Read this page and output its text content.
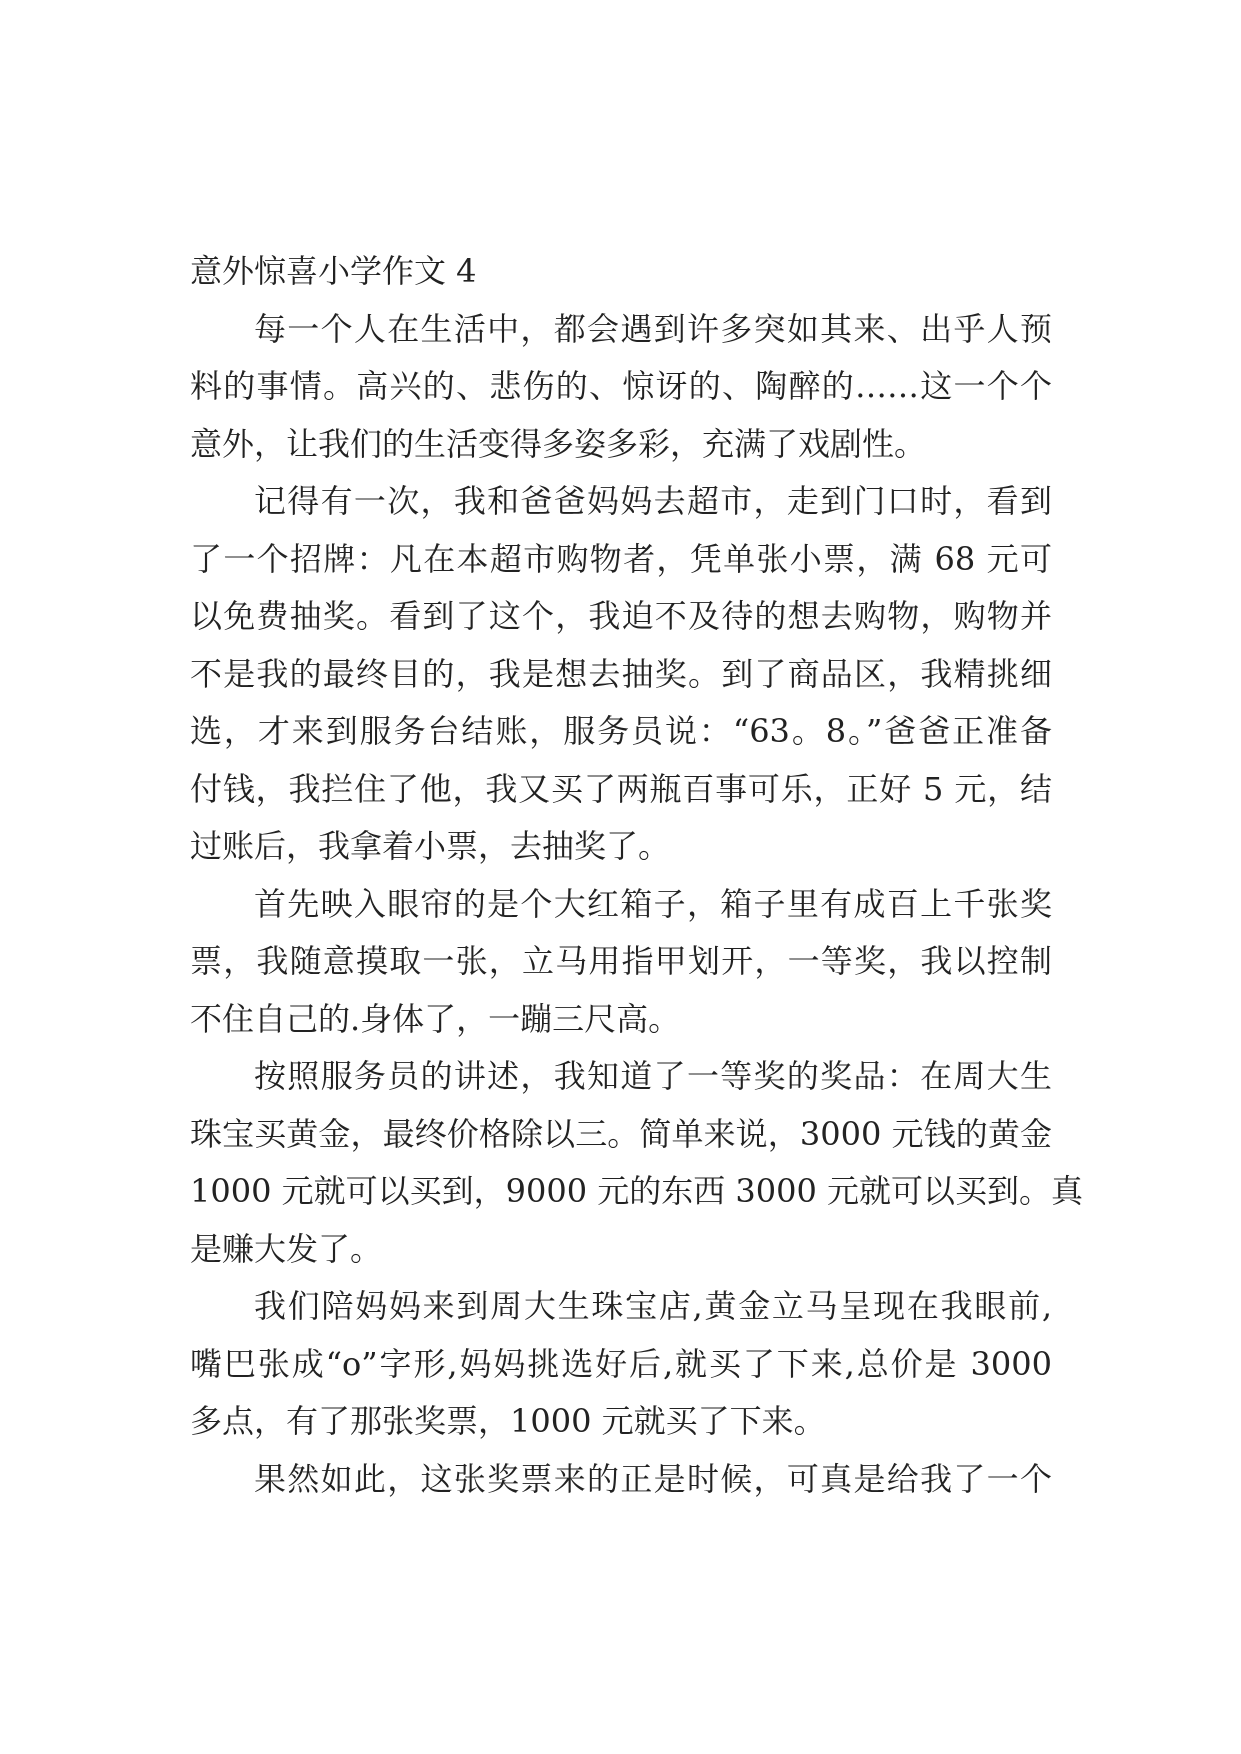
意外惊喜小学作文 4
每一个人在生活中，都会遇到许多突如其来、出乎人预
料的事情。高兴的、悲伤的、惊讶的、陶醉的……这一个个
意外，让我们的生活变得多姿多彩，充满了戏剧性。
记得有一次，我和爸爸妈妈去超市，走到门口时，看到
了一个招牌：凡在本超市购物者，凭单张小票，满 68 元可
以免费抽奖。看到了这个，我迫不及待的想去购物，购物并
不是我的最终目的，我是想去抽奖。到了商品区，我精挑细
选，才来到服务台结账，服务员说：“63。8。”爸爸正准备
付钱，我拦住了他，我又买了两瓶百事可乐，正好 5 元，结
过账后，我拿着小票，去抽奖了。
首先映入眼帘的是个大红箱子，箱子里有成百上千张奖
票，我随意摸取一张，立马用指甲划开，一等奖，我以控制
不住自己的.身体了，一蹦三尺高。
按照服务员的讲述，我知道了一等奖的奖品：在周大生
珠宝买黄金，最终价格除以三。简单来说，3000 元钱的黄金
1000 元就可以买到，9000 元的东西 3000 元就可以买到。真
是赚大发了。
我们陪妈妈来到周大生珠宝店,黄金立马呈现在我眼前,
嘴巴张成“o”字形,妈妈挑选好后,就买了下来,总价是 3000
多点，有了那张奖票，1000 元就买了下来。
果然如此，这张奖票来的正是时候，可真是给我了一个
